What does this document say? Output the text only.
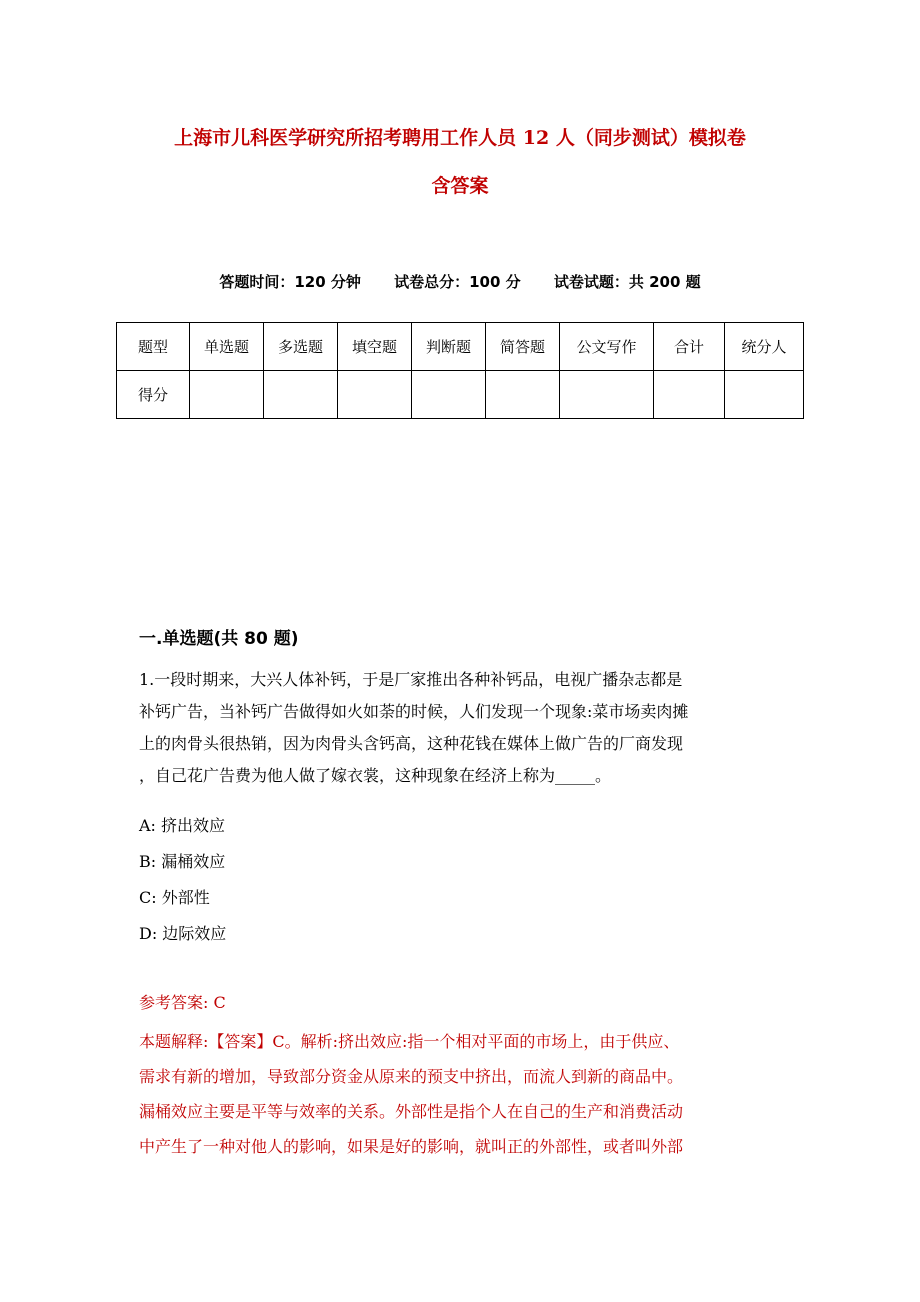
上海市儿科医学研究所招考聘用工作人员 12 人（同步测试）模拟卷
含答案
答题时间：120 分钟 试卷总分：100 分 试卷试题：共 200 题
题型	单选题	多选题	填空题	判断题	简答题	公文写作	合计	统分人
得分								
一.单选题(共 80 题)
1.一段时期来，大兴人体补钙，于是厂家推出各种补钙品，电视广播杂志都是
补钙广告，当补钙广告做得如火如荼的时候，人们发现一个现象:菜市场卖肉摊
上的肉骨头很热销，因为肉骨头含钙高，这种花钱在媒体上做广告的厂商发现
，自己花广告费为他人做了嫁衣裳，这种现象在经济上称为_____。
A: 挤出效应
B: 漏桶效应
C: 外部性
D: 边际效应
参考答案: C
本题解释:【答案】C。解析:挤出效应:指一个相对平面的市场上，由于供应、
需求有新的增加，导致部分资金从原来的预支中挤出，而流人到新的商品中。
漏桶效应主要是平等与效率的关系。外部性是指个人在自己的生产和消费活动
中产生了一种对他人的影响，如果是好的影响，就叫正的外部性，或者叫外部
